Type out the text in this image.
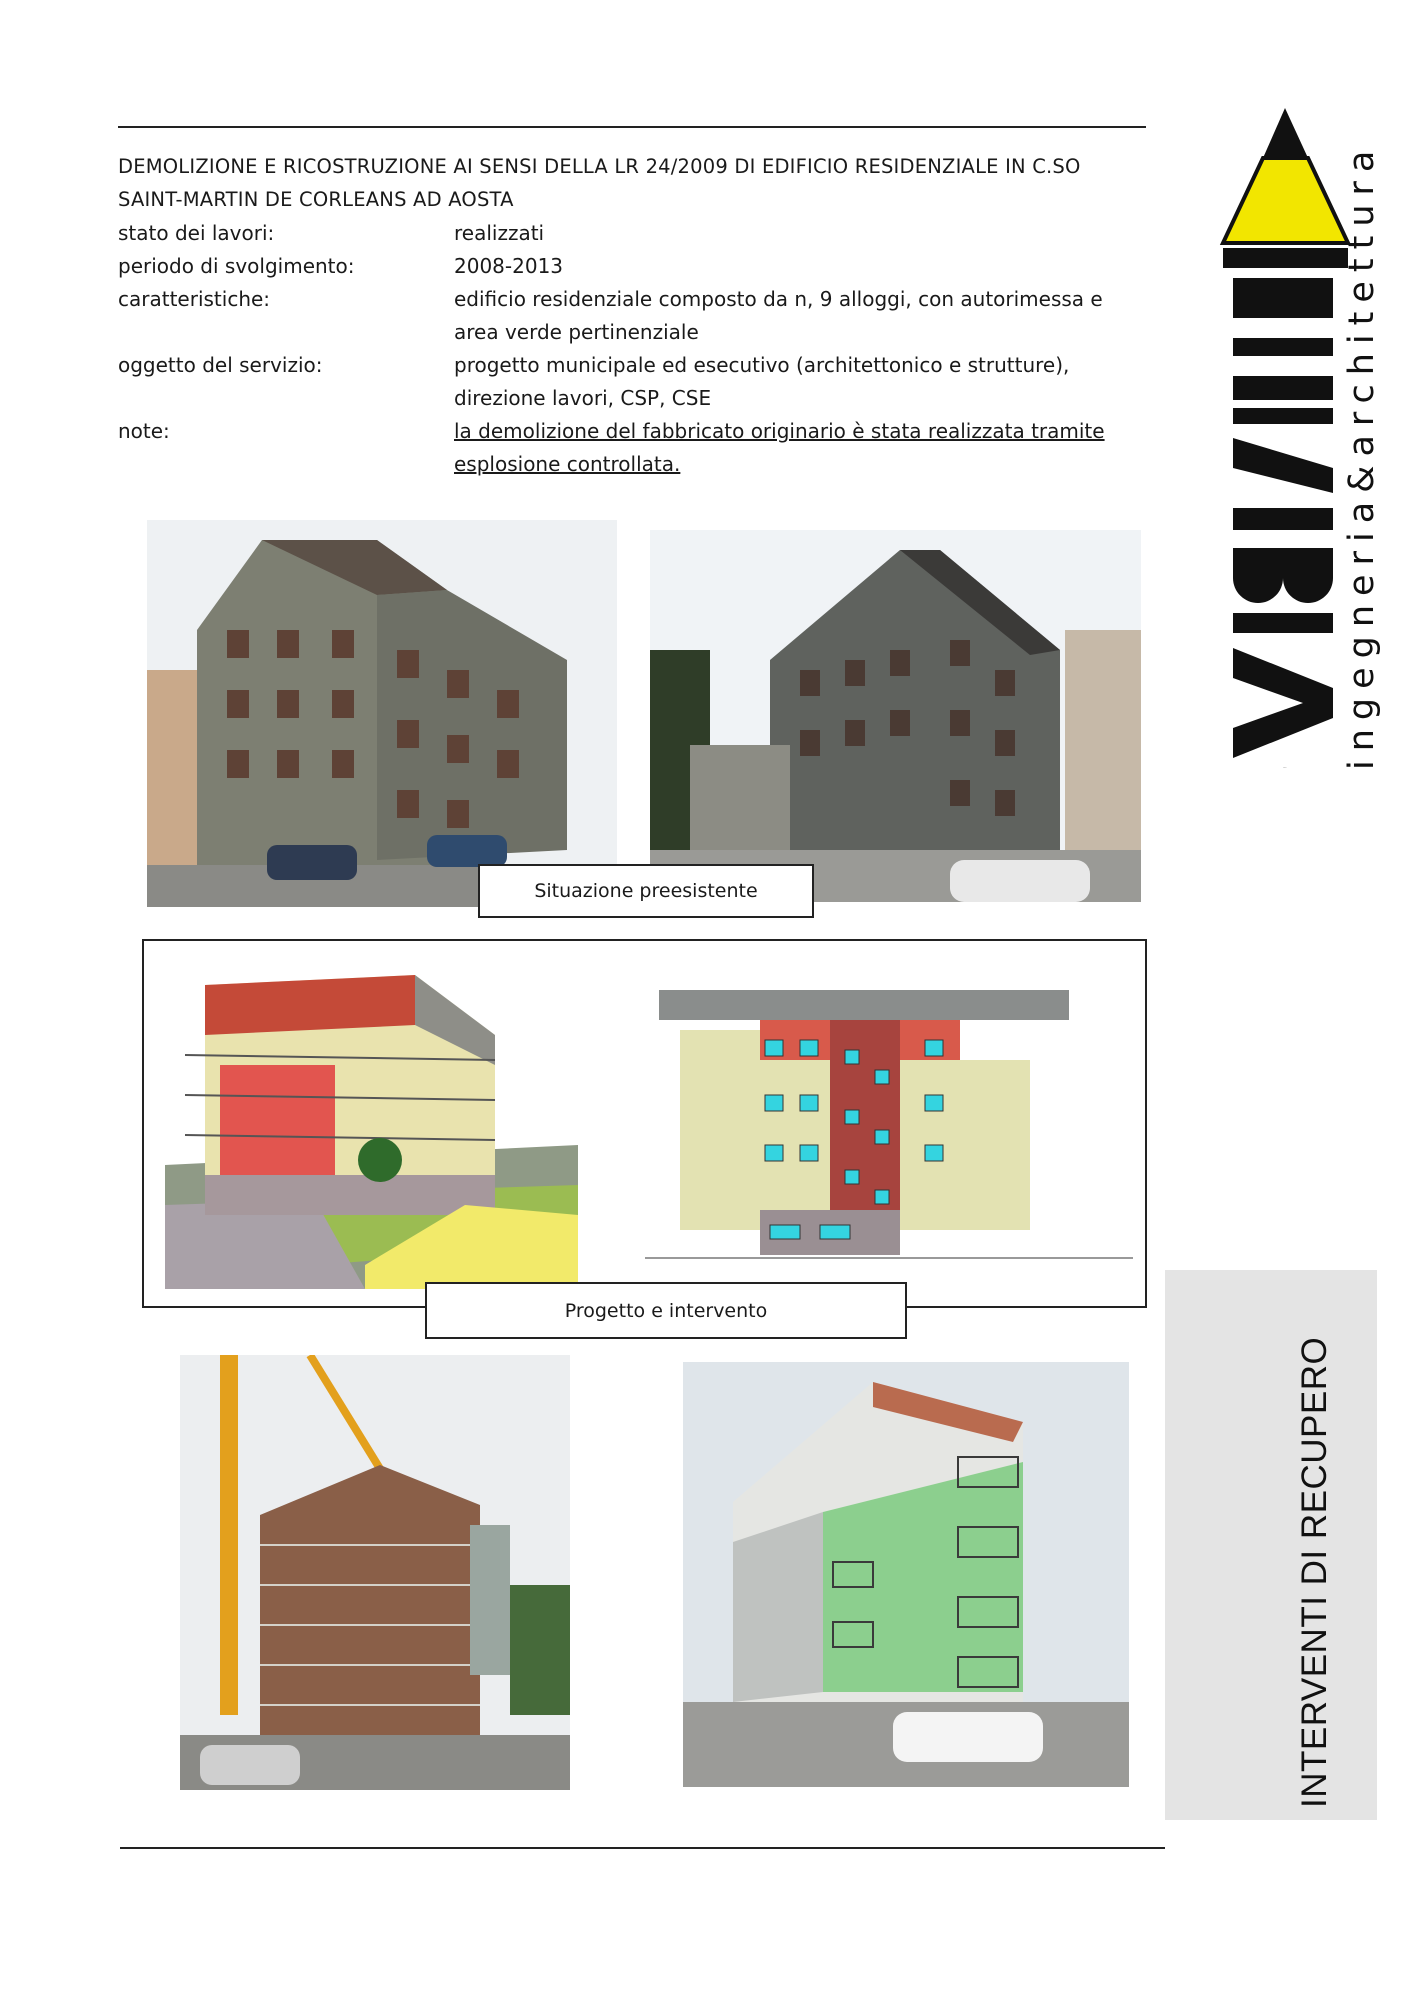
DEMOLIZIONE E RICOSTRUZIONE AI SENSI DELLA LR 24/2009 DI EDIFICIO RESIDENZIALE IN C.SO
SAINT-MARTIN DE CORLEANS AD AOSTA
stato dei lavori:	realizzati
periodo di svolgimento:	2008-2013
caratteristiche:	edificio residenziale composto da n, 9 alloggi, con autorimessa e
area verde pertinenziale
oggetto del servizio:	progetto municipale ed esecutivo (architettonico e strutture),
direzione lavori, CSP, CSE
note:	la demolizione del fabbricato originario è stata realizzata tramite
esplosione controllata.
Situazione preesistente
Progetto e intervento
INTERVENTI DI RECUPERO
ABTHE ingegneria&architettura
